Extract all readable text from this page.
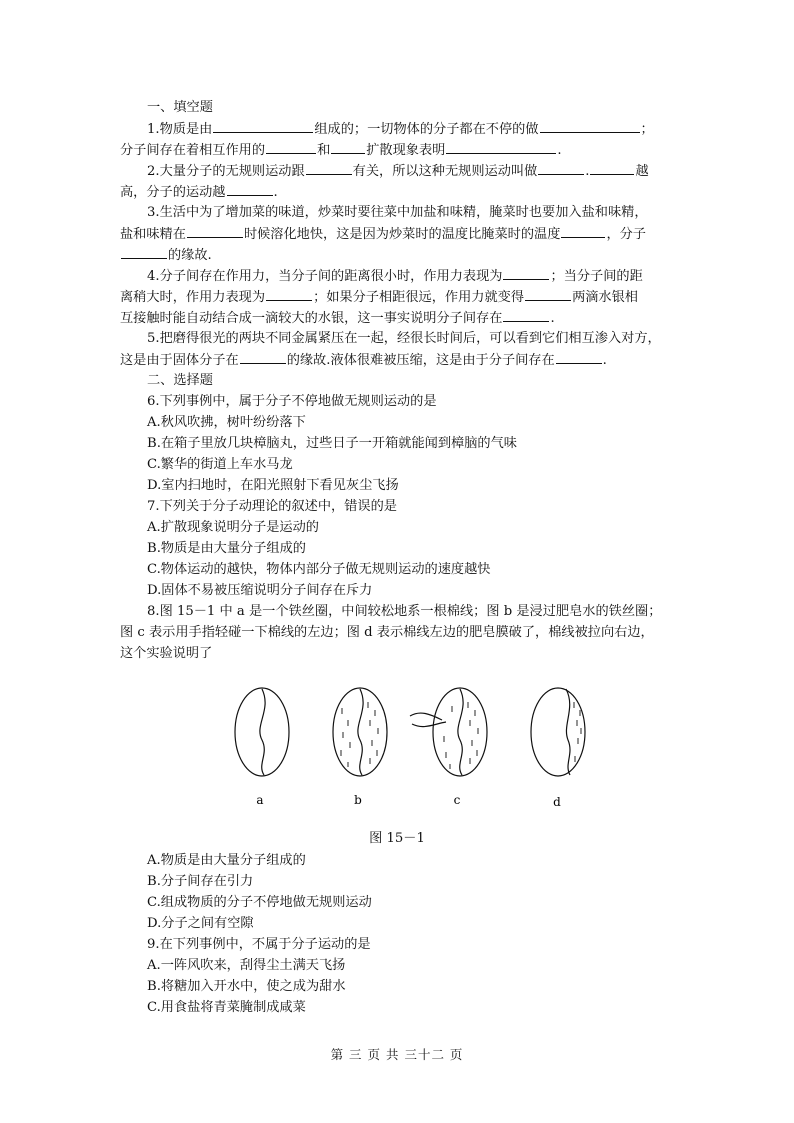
一、填空题
1.物质是由	组成的；一切物体的分子都在不停的做	；
分子间存在着相互作用的	和	扩散现象表明	.
2.大量分子的无规则运动跟	有关，所以这种无规则运动叫做	.	越
高，分子的运动越	.
3.生活中为了增加菜的味道，炒菜时要往菜中加盐和味精，腌菜时也要加入盐和味精，
盐和味精在	时候溶化地快，这是因为炒菜时的温度比腌菜时的温度	，分子
的缘故.
4.分子间存在作用力，当分子间的距离很小时，作用力表现为	；当分子间的距
离稍大时，作用力表现为	；如果分子相距很远，作用力就变得	两滴水银相
互接触时能自动结合成一滴较大的水银，这一事实说明分子间存在	.
5.把磨得很光的两块不同金属紧压在一起，经很长时间后，可以看到它们相互渗入对方，
这是由于固体分子在	的缘故.液体很难被压缩，这是由于分子间存在	.
二、选择题
6.下列事例中，属于分子不停地做无规则运动的是
A.秋风吹拂，树叶纷纷落下
B.在箱子里放几块樟脑丸，过些日子一开箱就能闻到樟脑的气味
C.繁华的街道上车水马龙
D.室内扫地时，在阳光照射下看见灰尘飞扬
7.下列关于分子动理论的叙述中，错误的是
A.扩散现象说明分子是运动的
B.物质是由大量分子组成的
C.物体运动的越快，物体内部分子做无规则运动的速度越快
D.固体不易被压缩说明分子间存在斥力
8.图 15－1 中 a 是一个铁丝圈，中间较松地系一根棉线；图 b 是浸过肥皂水的铁丝圈；
图 c 表示用手指轻碰一下棉线的左边；图 d 表示棉线左边的肥皂膜破了，棉线被拉向右边，
这个实验说明了
a	b	c	d
图 15－1
A.物质是由大量分子组成的
B.分子间存在引力
C.组成物质的分子不停地做无规则运动
D.分子之间有空隙
9.在下列事例中，不属于分子运动的是
A.一阵风吹来，刮得尘土满天飞扬
B.将糖加入开水中，使之成为甜水
C.用食盐将青菜腌制成咸菜
第 三 页 共 三十二 页
